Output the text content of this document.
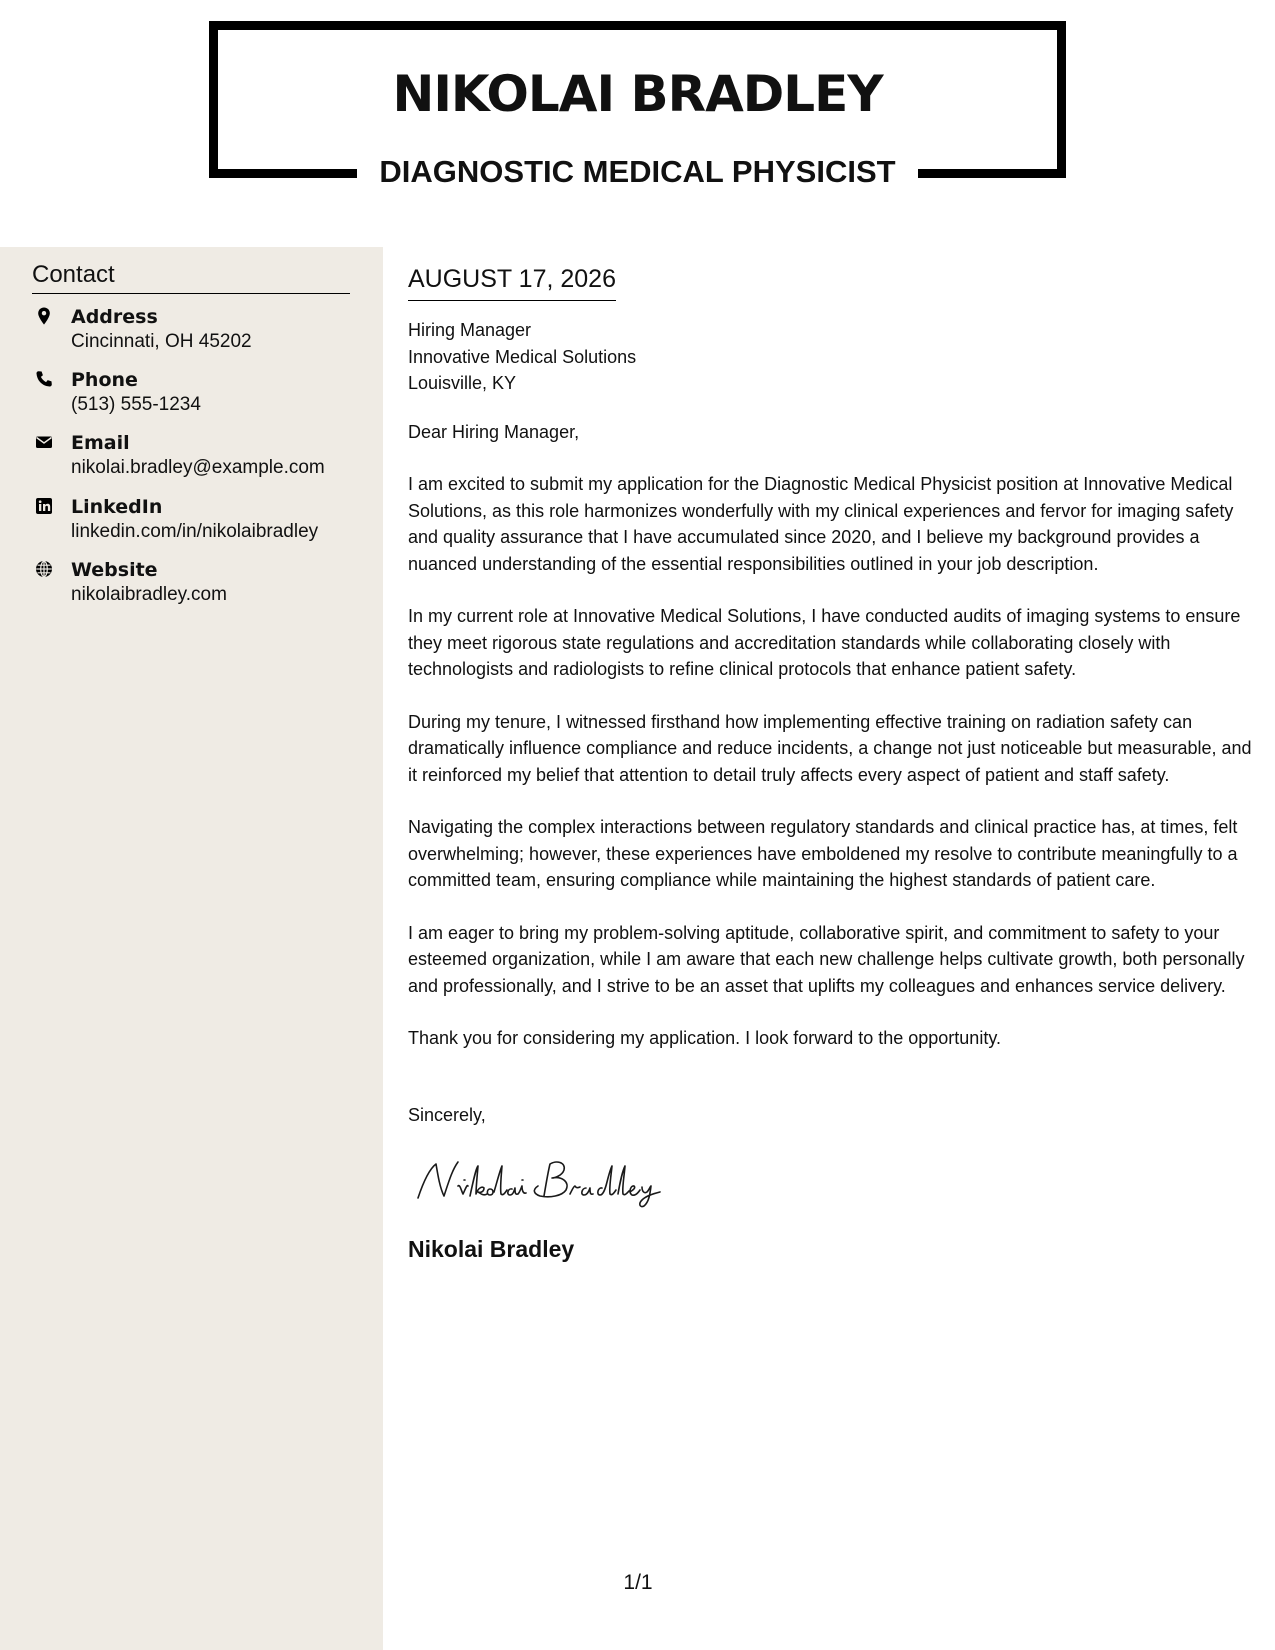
NIKOLAI BRADLEY
DIAGNOSTIC MEDICAL PHYSICIST
Contact
Address
Cincinnati, OH 45202
Phone
(513) 555-1234
Email
nikolai.bradley@example.com
LinkedIn
linkedin.com/in/nikolaibradley
Website
nikolaibradley.com
AUGUST 17, 2026
Hiring Manager
Innovative Medical Solutions
Louisville, KY
Dear Hiring Manager,

I am excited to submit my application for the Diagnostic Medical Physicist position at Innovative Medical Solutions, as this role harmonizes wonderfully with my clinical experiences and fervor for imaging safety and quality assurance that I have accumulated since 2020, and I believe my background provides a nuanced understanding of the essential responsibilities outlined in your job description.

In my current role at Innovative Medical Solutions, I have conducted audits of imaging systems to ensure they meet rigorous state regulations and accreditation standards while collaborating closely with technologists and radiologists to refine clinical protocols that enhance patient safety.

During my tenure, I witnessed firsthand how implementing effective training on radiation safety can dramatically influence compliance and reduce incidents, a change not just noticeable but measurable, and it reinforced my belief that attention to detail truly affects every aspect of patient and staff safety.

Navigating the complex interactions between regulatory standards and clinical practice has, at times, felt overwhelming; however, these experiences have emboldened my resolve to contribute meaningfully to a committed team, ensuring compliance while maintaining the highest standards of patient care.

I am eager to bring my problem-solving aptitude, collaborative spirit, and commitment to safety to your esteemed organization, while I am aware that each new challenge helps cultivate growth, both personally and professionally, and I strive to be an asset that uplifts my colleagues and enhances service delivery.

Thank you for considering my application. I look forward to the opportunity.

Sincerely,
Nikolai Bradley
1/1
